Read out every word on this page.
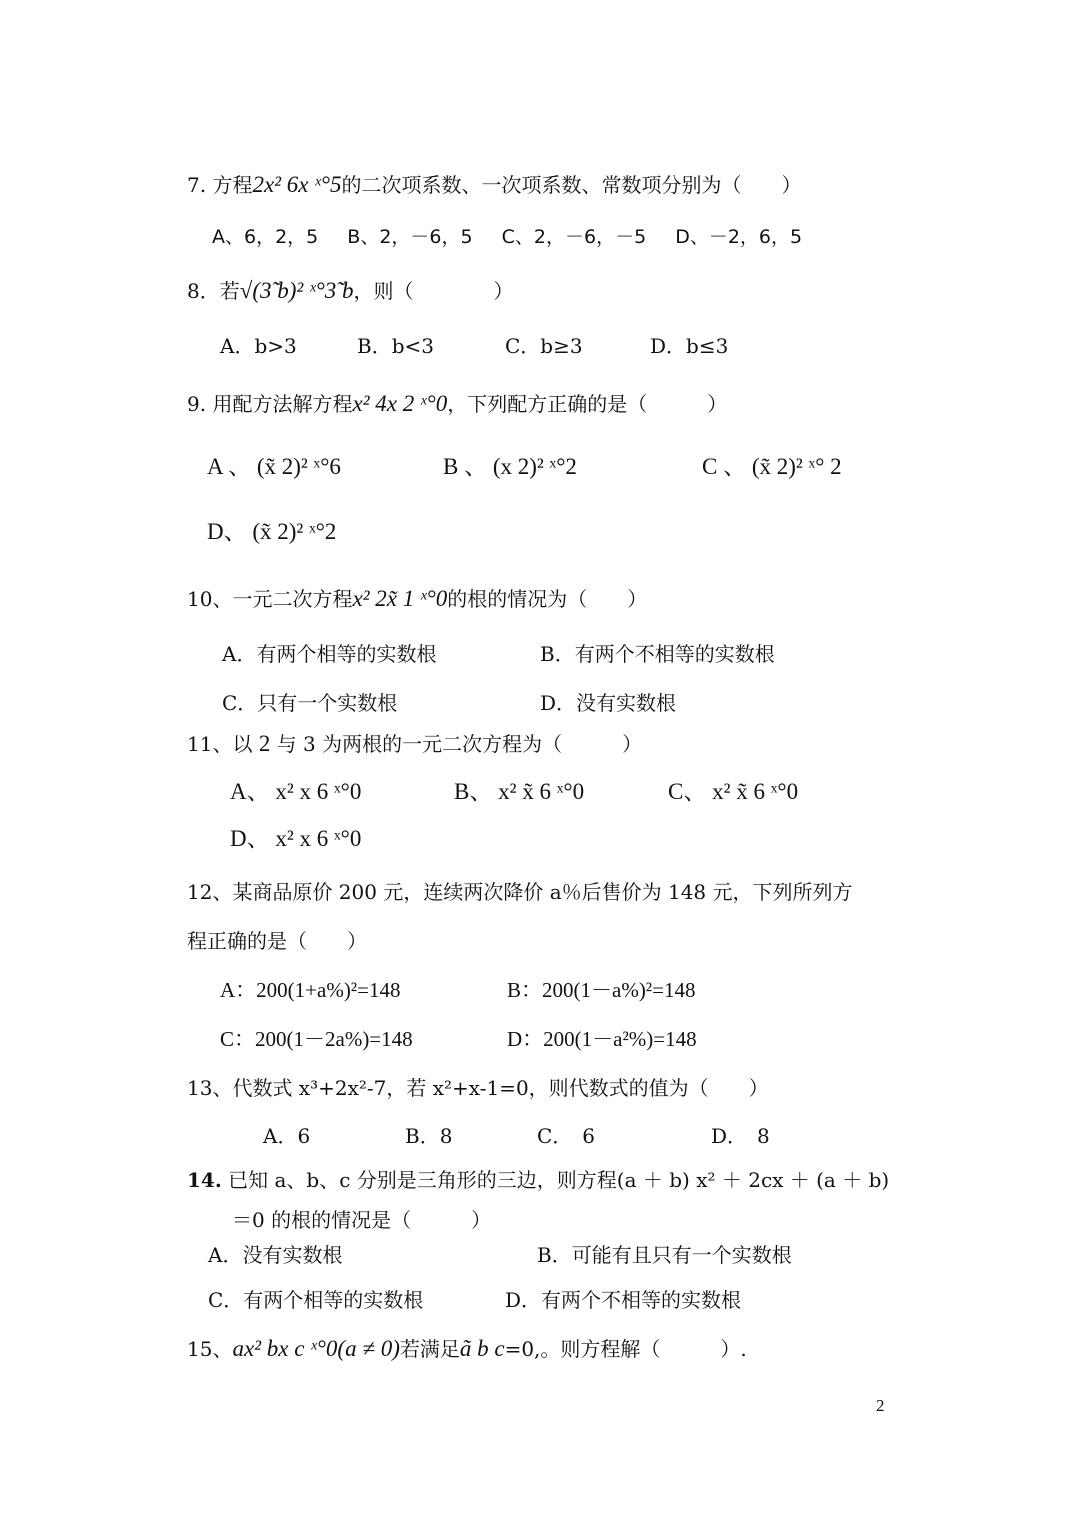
7. 方程2x² 6x ˣ°5的二次项系数、一次项系数、常数项分别为（　　）
A、6，2，5　 B、2，－6，5　 C、2，－6，－5　 D、－2，6，5
8．若√(3̃ b)² ˣ°3̃ b，则（　　　　）
A．b>3	B．b<3	C．b≥3	D．b≤3
9. 用配方法解方程x² 4x 2 ˣ°0，下列配方正确的是（　　　）
A 、 (x̃ 2)² ˣ°6	B 、 (x 2)² ˣ°2	C 、 (x̃ 2)² ˣ° 2
D、 (x̃ 2)² ˣ°2
10、一元二次方程x² 2x̃ 1 ˣ°0的根的情况为（　　）
A．有两个相等的实数根	B．有两个不相等的实数根
C．只有一个实数根	D．没有实数根
11、以 2 与 3 为两根的一元二次方程为（　　　）
A、 x² x 6 ˣ°0	B、 x² x̃ 6 ˣ°0	C、 x² x̃ 6 ˣ°0
D、 x² x 6 ˣ°0
12、某商品原价 200 元，连续两次降价 a％后售价为 148 元，下列所列方
程正确的是（　　）
A：200(1+a%)²=148	B：200(1－a%)²=148
C：200(1－2a%)=148	D：200(1－a²%)=148
13、代数式 x³+2x²-7，若 x²+x-1=0，则代数式的值为（　　）
A．6	B．8	C．　6	D．　8
14. 已知 a、b、c 分别是三角形的三边，则方程(a ＋ b) x² ＋ 2cx ＋ (a ＋ b)
＝0 的根的情况是（　　　）
A．没有实数根	B．可能有且只有一个实数根
C．有两个相等的实数根	D．有两个不相等的实数根
15、ax² bx c ˣ°0(a ≠ 0)若满足ã b c=0,。则方程解（　　　）.
2
